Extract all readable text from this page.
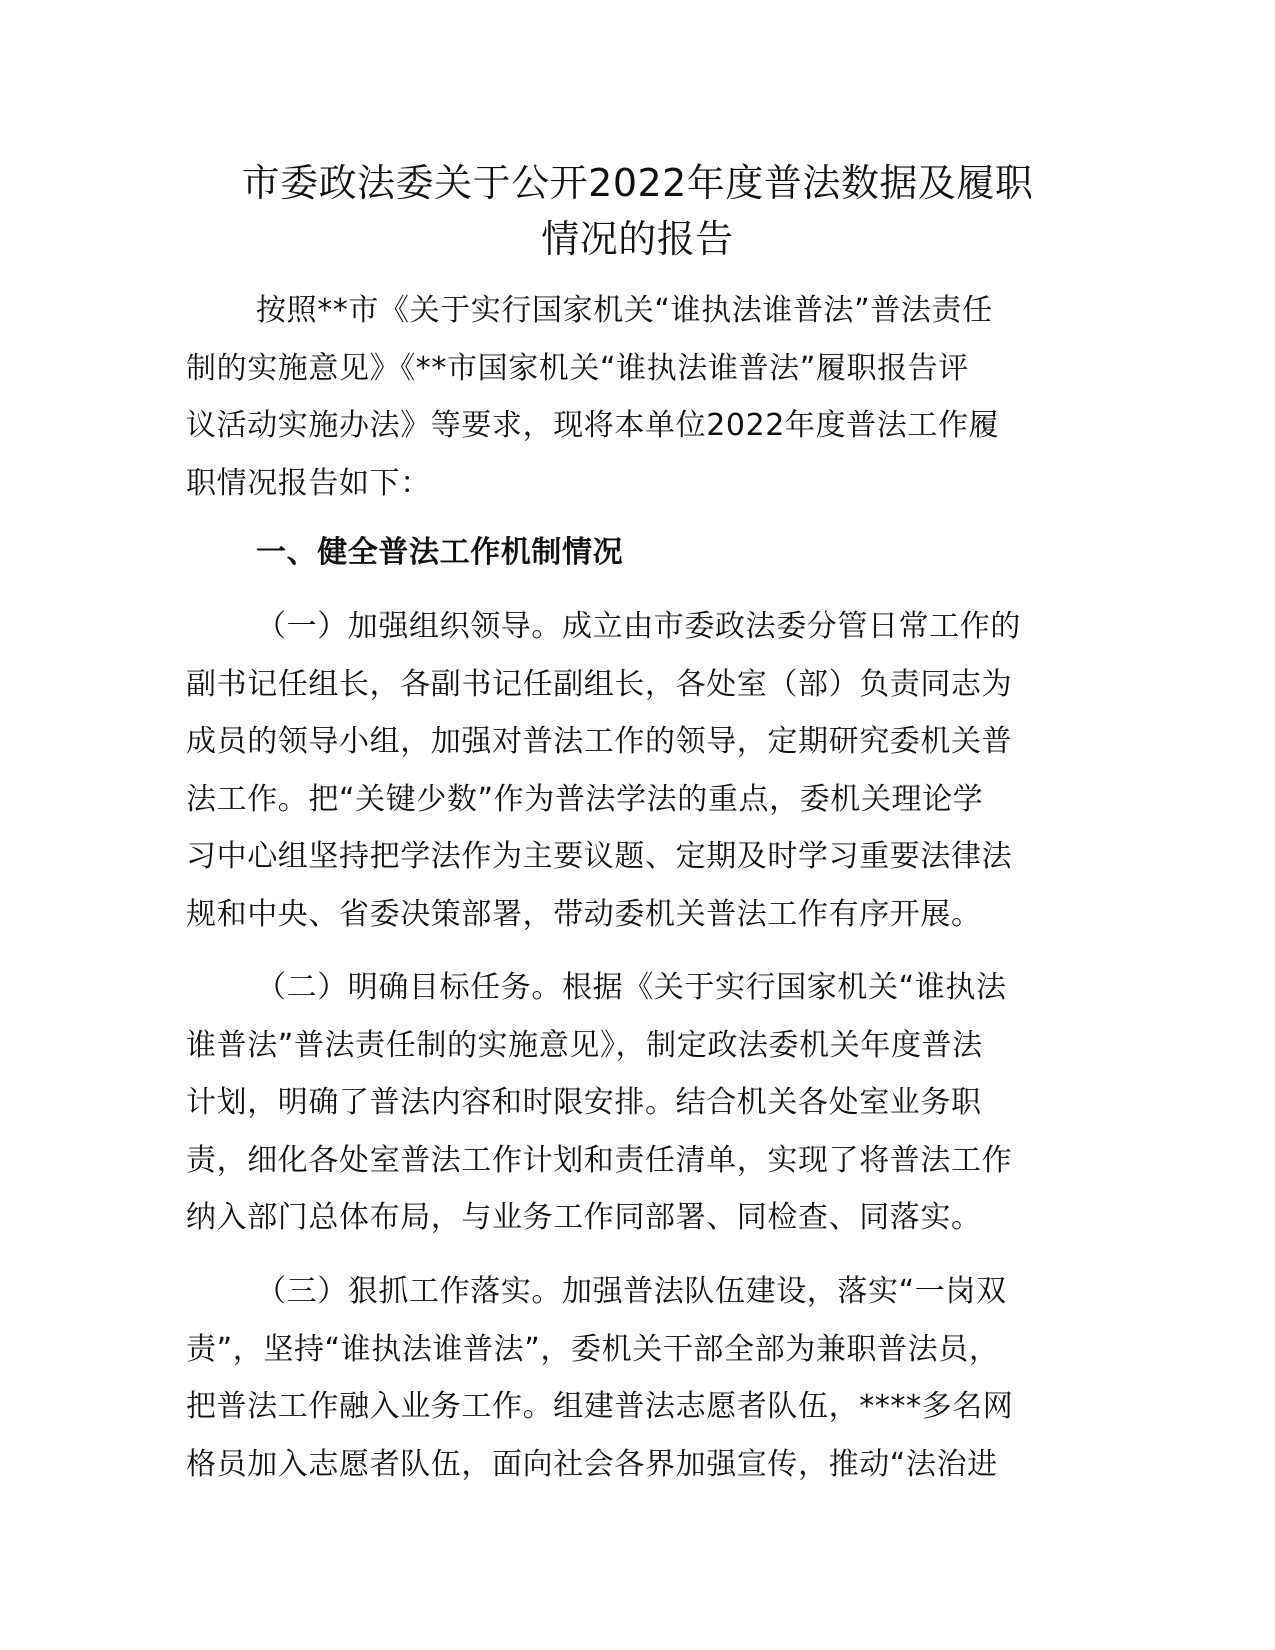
市委政法委关于公开2022年度普法数据及履职
情况的报告

按照**市《关于实行国家机关“谁执法谁普法”普法责任
制的实施意见》《**市国家机关“谁执法谁普法”履职报告评
议活动实施办法》等要求，现将本单位2022年度普法工作履
职情况报告如下：

一、健全普法工作机制情况

（一）加强组织领导。成立由市委政法委分管日常工作的
副书记任组长，各副书记任副组长，各处室（部）负责同志为
成员的领导小组，加强对普法工作的领导，定期研究委机关普
法工作。把“关键少数”作为普法学法的重点，委机关理论学
习中心组坚持把学法作为主要议题、定期及时学习重要法律法
规和中央、省委决策部署，带动委机关普法工作有序开展。

（二）明确目标任务。根据《关于实行国家机关“谁执法
谁普法”普法责任制的实施意见》，制定政法委机关年度普法
计划，明确了普法内容和时限安排。结合机关各处室业务职
责，细化各处室普法工作计划和责任清单，实现了将普法工作
纳入部门总体布局，与业务工作同部署、同检查、同落实。

（三）狠抓工作落实。加强普法队伍建设，落实“一岗双
责”，坚持“谁执法谁普法”，委机关干部全部为兼职普法员，
把普法工作融入业务工作。组建普法志愿者队伍，****多名网
格员加入志愿者队伍，面向社会各界加强宣传，推动“法治进
